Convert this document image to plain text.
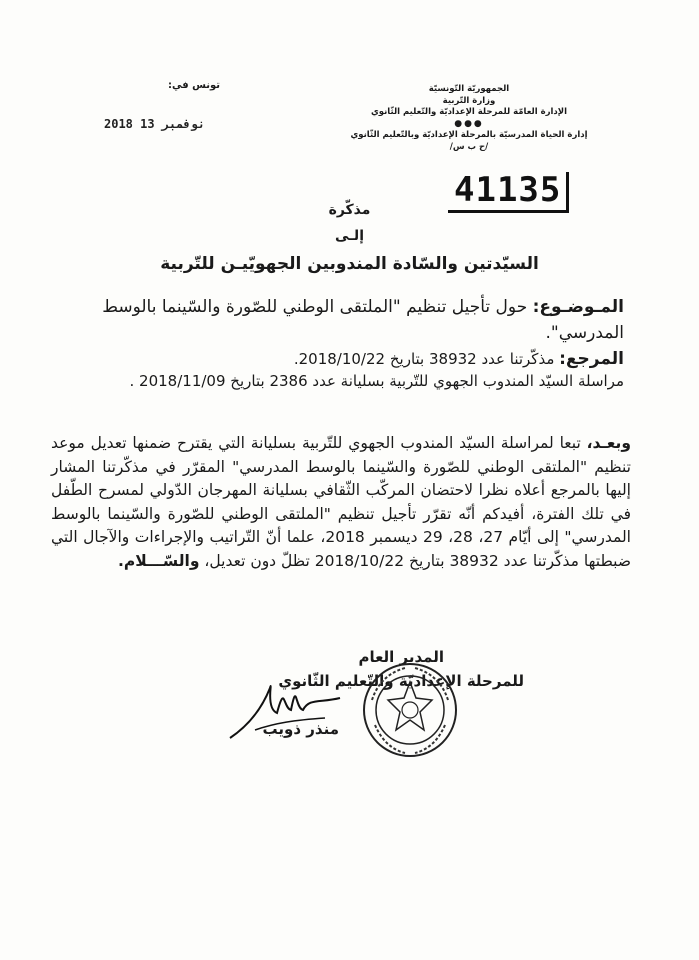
الجمهوريّة التّونسيّة
وزارة التّربية
الإدارة العامّة للمرحلة الإعداديّة والتّعليم الثّانوي
●●●
إدارة الحياة المدرسيّة بالمرحلة الإعداديّة وبالتّعليم الثّانوي
/ح ب س/
تونس في:
2018 نوفمبر 13
41135
مذكّرة
إلـى
السيّدتين والسّادة المندوبين الجهويّيـن للتّربية
المـوضـوع: حول تأجيل تنظيم "الملتقى الوطني للصّورة والسّينما بالوسط المدرسي".
المرجع: مذكّرتنا عدد 38932 بتاريخ 2018/10/22.
مراسلة السيّد المندوب الجهوي للتّربية بسليانة عدد 2386 بتاريخ 2018/11/09 .
وبعـد، تبعا لمراسلة السيّد المندوب الجهوي للتّربية بسليانة التي يقترح ضمنها تعديل موعد تنظيم "الملتقى الوطني للصّورة والسّينما بالوسط المدرسي" المقرّر في مذكّرتنا المشار إليها بالمرجع أعلاه نظرا لاحتضان المركّب الثّقافي بسليانة المهرجان الدّولي لمسرح الطّفل في تلك الفترة، أفيدكم أنّه تقرّر تأجيل تنظيم "الملتقى الوطني للصّورة والسّينما بالوسط المدرسي" إلى أيّام 27، 28، 29 ديسمبر 2018، علما أنّ التّراتيب والإجراءات والآجال التي ضبطتها مذكّرتنا عدد 38932 بتاريخ 2018/10/22 تظلّ دون تعديل، والسّـــلام.
المدير العام
للمرحلة الإعداديّة والتّعليم الثّانوي
منذر ذويب
